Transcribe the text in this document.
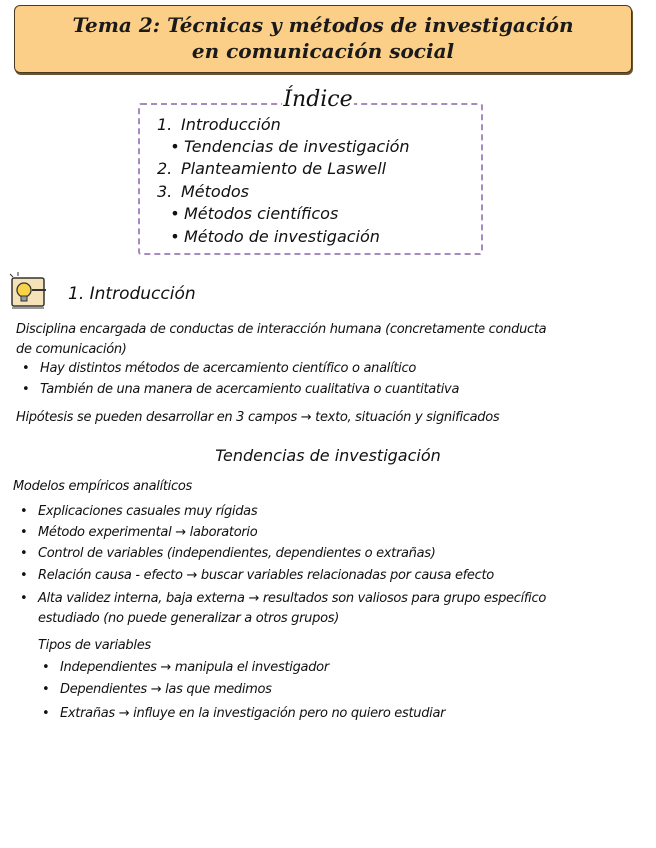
Tema 2: Técnicas y métodos de investigación
en comunicación social
Índice
1. Introducción
• Tendencias de investigación
2. Planteamiento de Laswell
3. Métodos
• Métodos científicos
• Método de investigación
1. Introducción
Disciplina encargada de conductas de interacción humana (concretamente conducta
de comunicación)
• Hay distintos métodos de acercamiento científico o analítico
• También de una manera de acercamiento cualitativa o cuantitativa
Hipótesis se pueden desarrollar en 3 campos → texto, situación y significados
Tendencias de investigación
Modelos empíricos analíticos
• Explicaciones casuales muy rígidas
• Método experimental → laboratorio
• Control de variables (independientes, dependientes o extrañas)
• Relación causa - efecto → buscar variables relacionadas por causa efecto
• Alta validez interna, baja externa → resultados son valiosos para grupo específico
estudiado (no puede generalizar a otros grupos)
Tipos de variables
• Independientes → manipula el investigador
• Dependientes → las que medimos
• Extrañas → influye en la investigación pero no quiero estudiar
